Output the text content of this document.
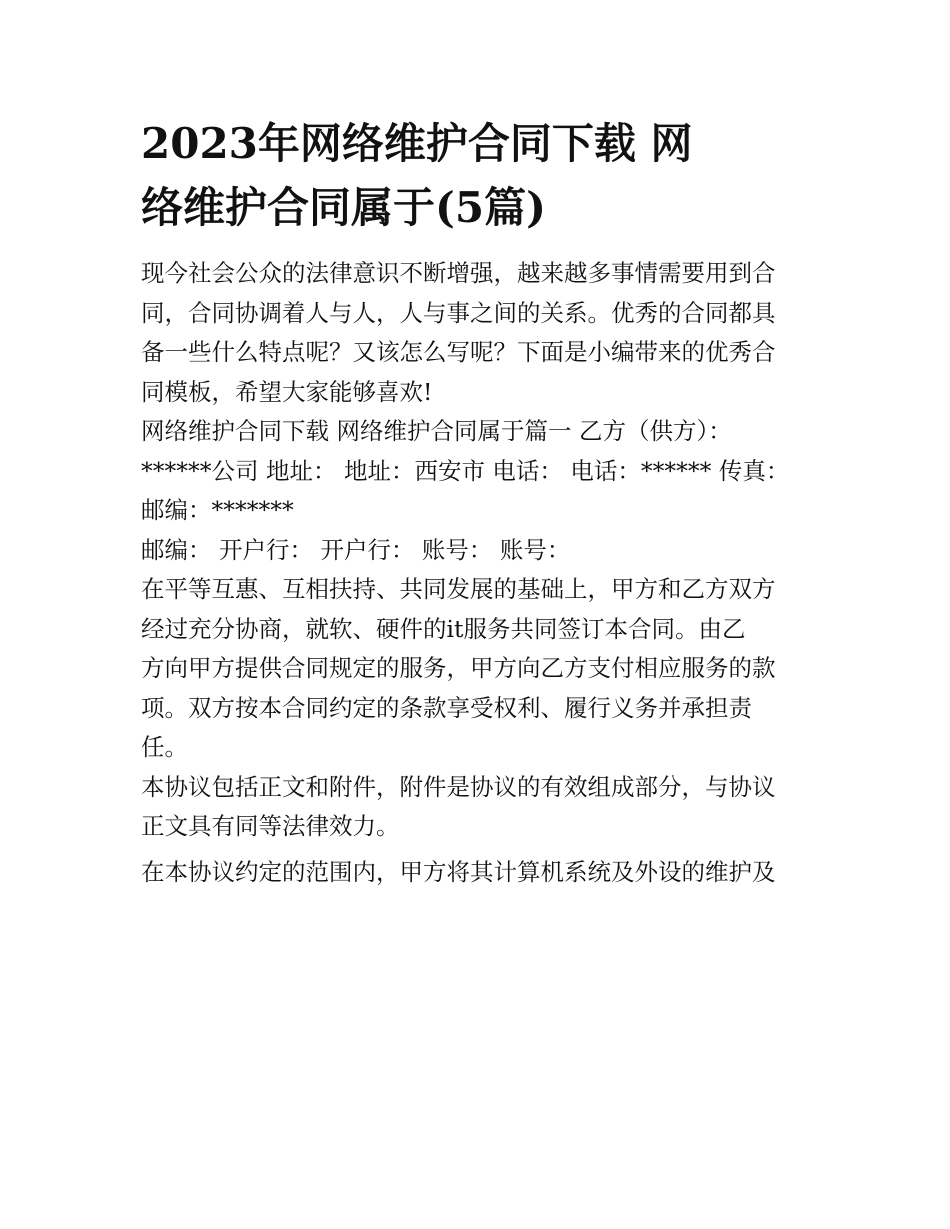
2023年网络维护合同下载 网
络维护合同属于(5篇)

现今社会公众的法律意识不断增强，越来越多事情需要用到合
同，合同协调着人与人，人与事之间的关系。优秀的合同都具
备一些什么特点呢？又该怎么写呢？下面是小编带来的优秀合
同模板，希望大家能够喜欢!

网络维护合同下载 网络维护合同属于篇一 乙方（供方）：
******公司 地址： 地址：西安市 电话： 电话：****** 传真：
邮编：*******

邮编： 开户行： 开户行： 账号： 账号：

在平等互惠、互相扶持、共同发展的基础上，甲方和乙方双方
经过充分协商，就软、硬件的it服务共同签订本合同。由乙
方向甲方提供合同规定的服务，甲方向乙方支付相应服务的款
项。双方按本合同约定的条款享受权利、履行义务并承担责
任。

本协议包括正文和附件，附件是协议的有效组成部分，与协议
正文具有同等法律效力。

在本协议约定的范围内，甲方将其计算机系统及外设的维护及
